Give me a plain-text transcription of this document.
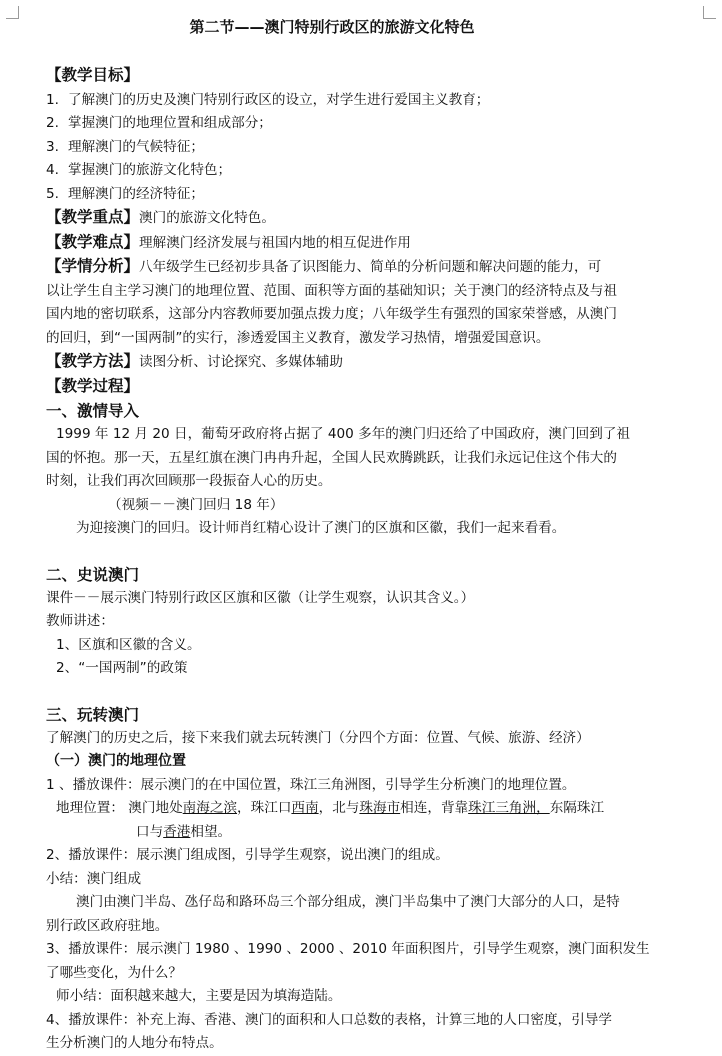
第二节——澳门特别行政区的旅游文化特色
【教学目标】
1. 了解澳门的历史及澳门特别行政区的设立，对学生进行爱国主义教育；
2. 掌握澳门的地理位置和组成部分；
3. 理解澳门的气候特征；
4. 掌握澳门的旅游文化特色；
5. 理解澳门的经济特征；
【教学重点】澳门的旅游文化特色。
【教学难点】理解澳门经济发展与祖国内地的相互促进作用
【学情分析】八年级学生已经初步具备了识图能力、简单的分析问题和解决问题的能力，可
以让学生自主学习澳门的地理位置、范围、面积等方面的基础知识；关于澳门的经济特点及与祖
国内地的密切联系，这部分内容教师要加强点拨力度；八年级学生有强烈的国家荣誉感，从澳门
的回归，到“一国两制”的实行，渗透爱国主义教育，激发学习热情，增强爱国意识。
【教学方法】读图分析、讨论探究、多媒体辅助
【教学过程】
一、激情导入
1999 年 12 月 20 日，葡萄牙政府将占据了 400 多年的澳门归还给了中国政府，澳门回到了祖
国的怀抱。那一天，五星红旗在澳门冉冉升起，全国人民欢腾跳跃，让我们永远记住这个伟大的
时刻，让我们再次回顾那一段振奋人心的历史。
（视频－－澳门回归 18 年）
为迎接澳门的回归。设计师肖红精心设计了澳门的区旗和区徽，我们一起来看看。
二、史说澳门
课件－－展示澳门特别行政区区旗和区徽（让学生观察，认识其含义。）
教师讲述：
1、区旗和区徽的含义。
2、“一国两制”的政策
三、玩转澳门
了解澳门的历史之后，接下来我们就去玩转澳门（分四个方面：位置、气候、旅游、经济）
（一）澳门的地理位置
1 、播放课件：展示澳门的在中国位置，珠江三角洲图，引导学生分析澳门的地理位置。
地理位置： 澳门地处南海之滨，珠江口西南，北与珠海市相连，背靠珠江三角洲，东隔珠江
口与香港相望。
2、播放课件：展示澳门组成图，引导学生观察，说出澳门的组成。
小结：澳门组成
澳门由澳门半岛、氹仔岛和路环岛三个部分组成，澳门半岛集中了澳门大部分的人口，是特
别行政区政府驻地。
3、播放课件：展示澳门 1980 、1990 、2000 、2010 年面积图片，引导学生观察，澳门面积发生
了哪些变化，为什么？
师小结：面积越来越大，主要是因为填海造陆。
4、播放课件：补充上海、香港、澳门的面积和人口总数的表格，计算三地的人口密度，引导学
生分析澳门的人地分布特点。
